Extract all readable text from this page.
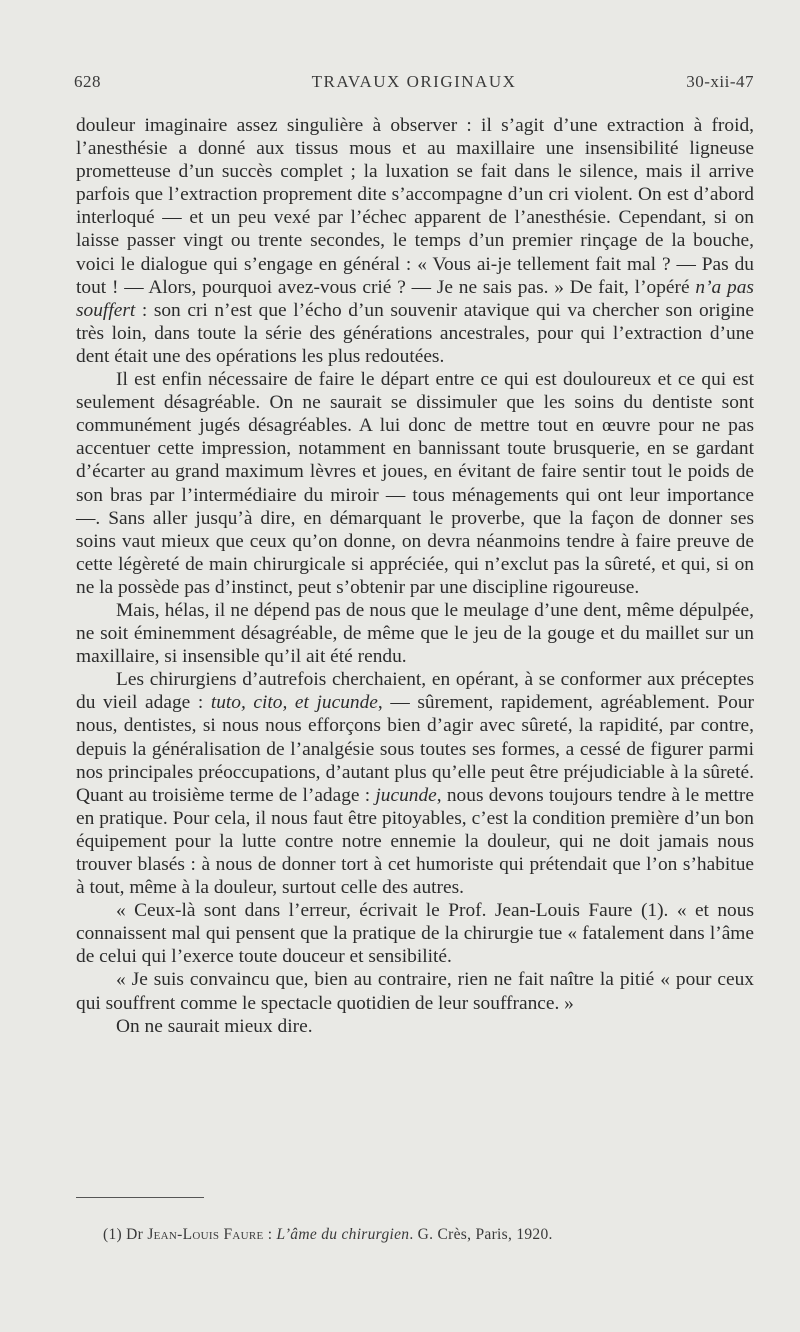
628	TRAVAUX ORIGINAUX	30-xii-47

douleur imaginaire assez singulière à observer : il s’agit d’une extraction à froid, l’anesthésie a donné aux tissus mous et au maxillaire une insensibilité ligneuse prometteuse d’un succès complet ; la luxation se fait dans le silence, mais il arrive parfois que l’extraction proprement dite s’accompagne d’un cri violent. On est d’abord interloqué — et un peu vexé par l’échec apparent de l’anesthésie. Cependant, si on laisse passer vingt ou trente secondes, le temps d’un premier rinçage de la bouche, voici le dialogue qui s’engage en général : « Vous ai-je tellement fait mal ? — Pas du tout ! — Alors, pourquoi avez-vous crié ? — Je ne sais pas. » De fait, l’opéré n’a pas souffert : son cri n’est que l’écho d’un souvenir atavique qui va chercher son origine très loin, dans toute la série des générations ancestrales, pour qui l’extraction d’une dent était une des opérations les plus redoutées.

Il est enfin nécessaire de faire le départ entre ce qui est douloureux et ce qui est seulement désagréable. On ne saurait se dissimuler que les soins du dentiste sont communément jugés désagréables. A lui donc de mettre tout en œuvre pour ne pas accentuer cette impression, notamment en bannissant toute brusquerie, en se gardant d’écarter au grand maximum lèvres et joues, en évitant de faire sentir tout le poids de son bras par l’intermédiaire du miroir — tous ménagements qui ont leur importance —. Sans aller jusqu’à dire, en démarquant le proverbe, que la façon de donner ses soins vaut mieux que ceux qu’on donne, on devra néanmoins tendre à faire preuve de cette légèreté de main chirurgicale si appréciée, qui n’exclut pas la sûreté, et qui, si on ne la possède pas d’instinct, peut s’obtenir par une discipline rigoureuse.

Mais, hélas, il ne dépend pas de nous que le meulage d’une dent, même dépulpée, ne soit éminemment désagréable, de même que le jeu de la gouge et du maillet sur un maxillaire, si insensible qu’il ait été rendu.

Les chirurgiens d’autrefois cherchaient, en opérant, à se conformer aux préceptes du vieil adage : tuto, cito, et jucunde, — sûrement, rapidement, agréablement. Pour nous, dentistes, si nous nous efforçons bien d’agir avec sûreté, la rapidité, par contre, depuis la généralisation de l’analgésie sous toutes ses formes, a cessé de figurer parmi nos principales préoccupations, d’autant plus qu’elle peut être préjudiciable à la sûreté. Quant au troisième terme de l’adage : jucunde, nous devons toujours tendre à le mettre en pratique. Pour cela, il nous faut être pitoyables, c’est la condition première d’un bon équipement pour la lutte contre notre ennemie la douleur, qui ne doit jamais nous trouver blasés : à nous de donner tort à cet humoriste qui prétendait que l’on s’habitue à tout, même à la douleur, surtout celle des autres.

« Ceux-là sont dans l’erreur, écrivait le Prof. Jean-Louis Faure (1). « et nous connaissent mal qui pensent que la pratique de la chirurgie tue « fatalement dans l’âme de celui qui l’exerce toute douceur et sensibilité.

« Je suis convaincu que, bien au contraire, rien ne fait naître la pitié « pour ceux qui souffrent comme le spectacle quotidien de leur souffrance. »

On ne saurait mieux dire.

(1) Dr Jean-Louis Faure : L’âme du chirurgien. G. Crès, Paris, 1920.
